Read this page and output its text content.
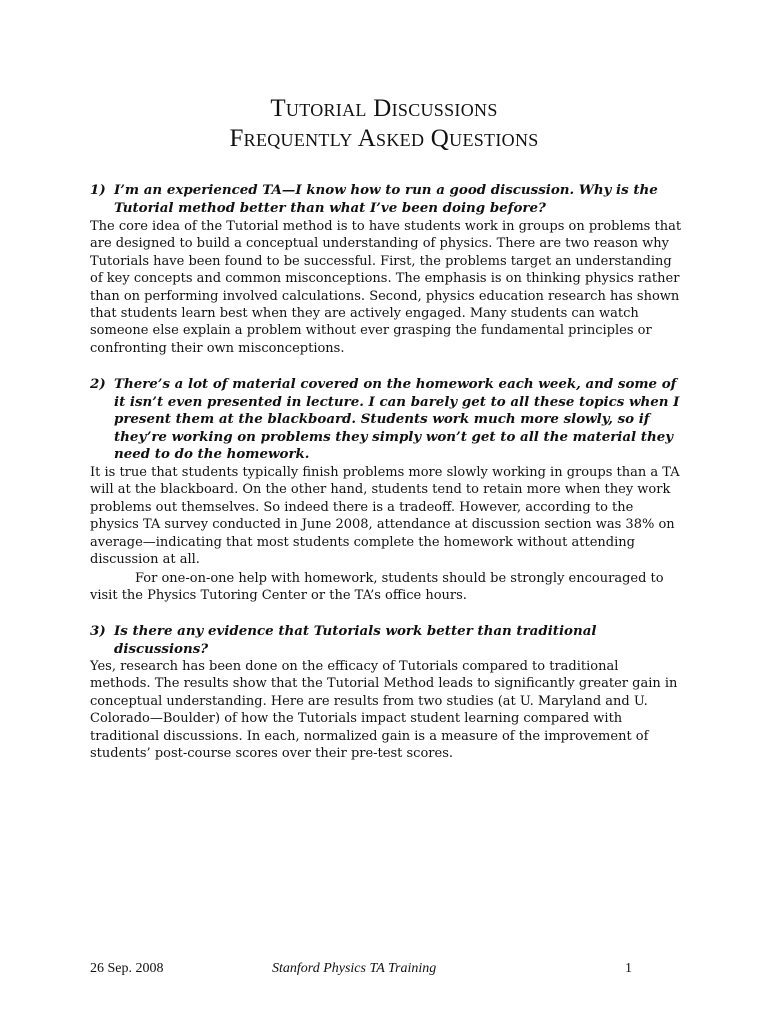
Tutorial Discussions
Frequently Asked Questions
1) I’m an experienced TA—I know how to run a good discussion. Why is the Tutorial method better than what I’ve been doing before?

The core idea of the Tutorial method is to have students work in groups on problems that are designed to build a conceptual understanding of physics. There are two reason why Tutorials have been found to be successful. First, the problems target an understanding of key concepts and common misconceptions. The emphasis is on thinking physics rather than on performing involved calculations. Second, physics education research has shown that students learn best when they are actively engaged. Many students can watch someone else explain a problem without ever grasping the fundamental principles or confronting their own misconceptions.

2) There’s a lot of material covered on the homework each week, and some of it isn’t even presented in lecture. I can barely get to all these topics when I present them at the blackboard. Students work much more slowly, so if they’re working on problems they simply won’t get to all the material they need to do the homework.

It is true that students typically finish problems more slowly working in groups than a TA will at the blackboard. On the other hand, students tend to retain more when they work problems out themselves. So indeed there is a tradeoff. However, according to the physics TA survey conducted in June 2008, attendance at discussion section was 38% on average—indicating that most students complete the homework without attending discussion at all.

For one-on-one help with homework, students should be strongly encouraged to visit the Physics Tutoring Center or the TA’s office hours.

3) Is there any evidence that Tutorials work better than traditional discussions?

Yes, research has been done on the efficacy of Tutorials compared to traditional methods. The results show that the Tutorial Method leads to significantly greater gain in conceptual understanding. Here are results from two studies (at U. Maryland and U. Colorado—Boulder) of how the Tutorials impact student learning compared with traditional discussions. In each, normalized gain is a measure of the improvement of students’ post-course scores over their pre-test scores.

26 Sep. 2008	Stanford Physics TA Training	1
